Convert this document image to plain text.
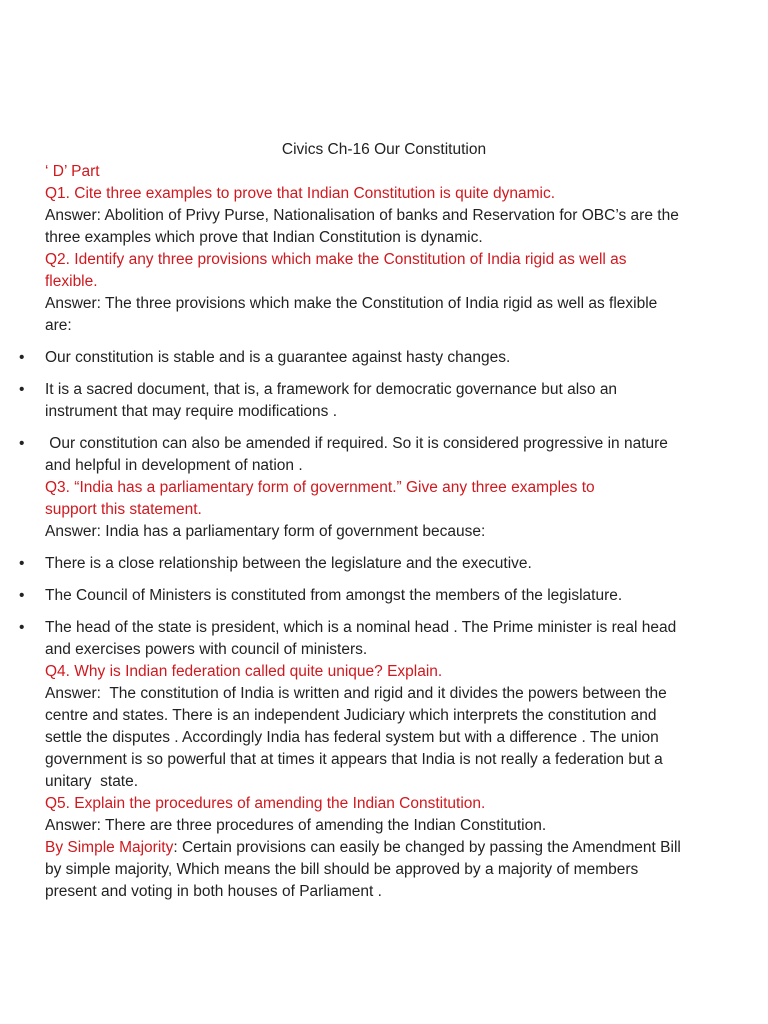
Civics Ch-16 Our Constitution

‘ D’ Part

Q1. Cite three examples to prove that Indian Constitution is quite dynamic.

Answer: Abolition of Privy Purse, Nationalisation of banks and Reservation for OBC’s are the

three examples which prove that Indian Constitution is dynamic.

Q2. Identify any three provisions which make the Constitution of India rigid as well as

flexible.

Answer: The three provisions which make the Constitution of India rigid as well as flexible

are:

• Our constitution is stable and is a guarantee against hasty changes.

• It is a sacred document, that is, a framework for democratic governance but also an

instrument that may require modifications .

• Our constitution can also be amended if required. So it is considered progressive in nature

and helpful in development of nation .

Q3. “India has a parliamentary form of government.” Give any three examples to

support this statement.

Answer: India has a parliamentary form of government because:

• There is a close relationship between the legislature and the executive.

• The Council of Ministers is constituted from amongst the members of the legislature.

• The head of the state is president, which is a nominal head . The Prime minister is real head

and exercises powers with council of ministers.

Q4. Why is Indian federation called quite unique? Explain.

Answer:  The constitution of India is written and rigid and it divides the powers between the

centre and states. There is an independent Judiciary which interprets the constitution and

settle the disputes . Accordingly India has federal system but with a difference . The union

government is so powerful that at times it appears that India is not really a federation but a

unitary  state.

Q5. Explain the procedures of amending the Indian Constitution.

Answer: There are three procedures of amending the Indian Constitution.

By Simple Majority: Certain provisions can easily be changed by passing the Amendment Bill

by simple majority, Which means the bill should be approved by a majority of members

present and voting in both houses of Parliament .
